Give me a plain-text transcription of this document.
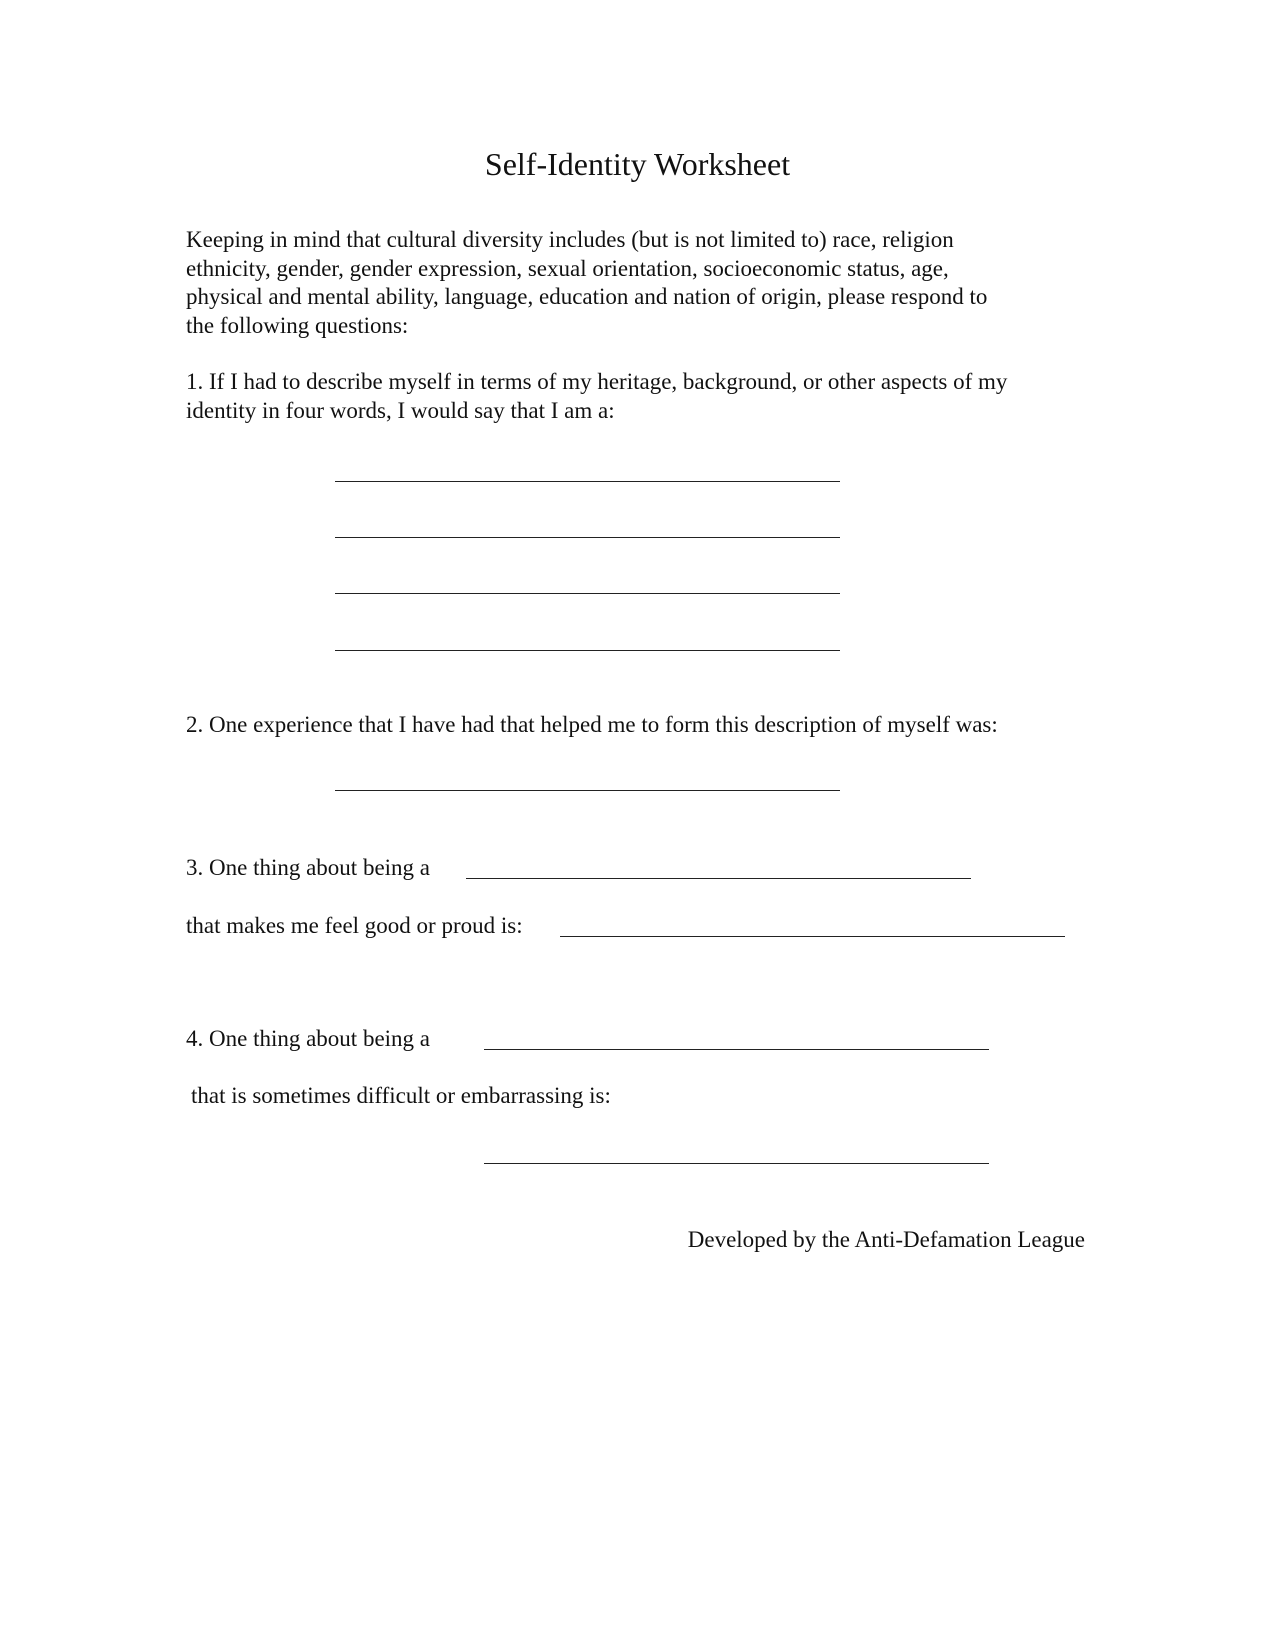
Self-Identity Worksheet
Keeping in mind that cultural diversity includes (but is not limited to) race, religion
ethnicity, gender, gender expression, sexual orientation, socioeconomic status, age,
physical and mental ability, language, education and nation of origin, please respond to
the following questions:
1. If I had to describe myself in terms of my heritage, background, or other aspects of my
identity in four words, I would say that I am a:
2. One experience that I have had that helped me to form this description of myself was:
3. One thing about being a
that makes me feel good or proud is:
4. One thing about being a
that is sometimes difficult or embarrassing is:
Developed by the Anti-Defamation League
